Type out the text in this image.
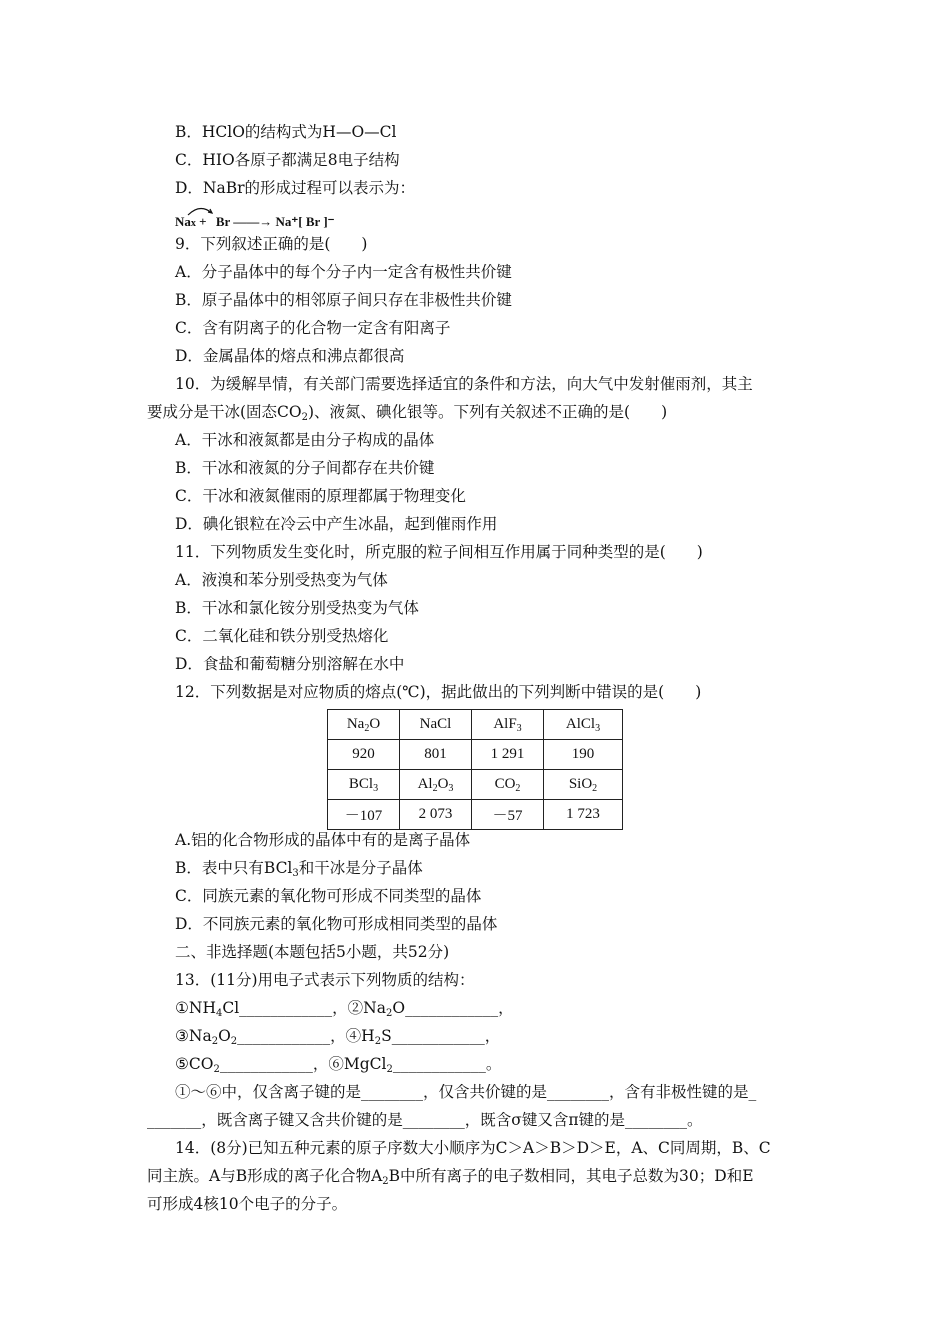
B．HClO的结构式为H—O—Cl
C．HIO各原子都满足8电子结构
D．NaBr的形成过程可以表示为：
Nax + Br ——→ Na⁺[ Br ]⁻
9．下列叙述正确的是(　　)
A．分子晶体中的每个分子内一定含有极性共价键
B．原子晶体中的相邻原子间只存在非极性共价键
C．含有阴离子的化合物一定含有阳离子
D．金属晶体的熔点和沸点都很高
10．为缓解旱情，有关部门需要选择适宜的条件和方法，向大气中发射催雨剂，其主
要成分是干冰(固态$CO_2$)、液氮、碘化银等。下列有关叙述不正确的是(　　)
A．干冰和液氮都是由分子构成的晶体
B．干冰和液氮的分子间都存在共价键
C．干冰和液氮催雨的原理都属于物理变化
D．碘化银粒在冷云中产生冰晶，起到催雨作用
11．下列物质发生变化时，所克服的粒子间相互作用属于同种类型的是(　　)
A．液溴和苯分别受热变为气体
B．干冰和氯化铵分别受热变为气体
C．二氧化硅和铁分别受热熔化
D．食盐和葡萄糖分别溶解在水中
12．下列数据是对应物质的熔点(℃)，据此做出的下列判断中错误的是(　　)
$Na_2O$	NaCl	AlF$_3$	AlCl$_3$
920	801	1 291	190
BCl$_3$	$Al_2O_3$	$CO_2$	SiO$_2$
－107	2 073	－57	1 723
A.铝的化合物形成的晶体中有的是离子晶体
B．表中只有BCl$_3$和干冰是分子晶体
C．同族元素的氧化物可形成不同类型的晶体
D．不同族元素的氧化物可形成相同类型的晶体
二、非选择题(本题包括5小题，共52分)
13．(11分)用电子式表示下列物质的结构：
$①NH_4Cl\_\_\_\_\_\_\_\_\_\_\_\_$，$②Na_2O\_\_\_\_\_\_\_\_\_\_\_\_$，
$③Na_2O_2\_\_\_\_\_\_\_\_\_\_\_\_$，$④H_2S\_\_\_\_\_\_\_\_\_\_\_\_$，
$⑤CO_2\_\_\_\_\_\_\_\_\_\_\_\_$，⑥MgCl$_2$____________。
①～⑥中，仅含离子键的是________，仅含共价键的是________，含有非极性键的是_
_______，既含离子键又含共价键的是________，既含σ键又含π键的是________。
14．(8分)已知五种元素的原子序数大小顺序为C＞A＞B＞D＞E，A、C同周期，B、C
同主族。A与B形成的离子化合物$A_2B$中所有离子的电子数相同，其电子总数为30；D和E
可形成4核10个电子的分子。
